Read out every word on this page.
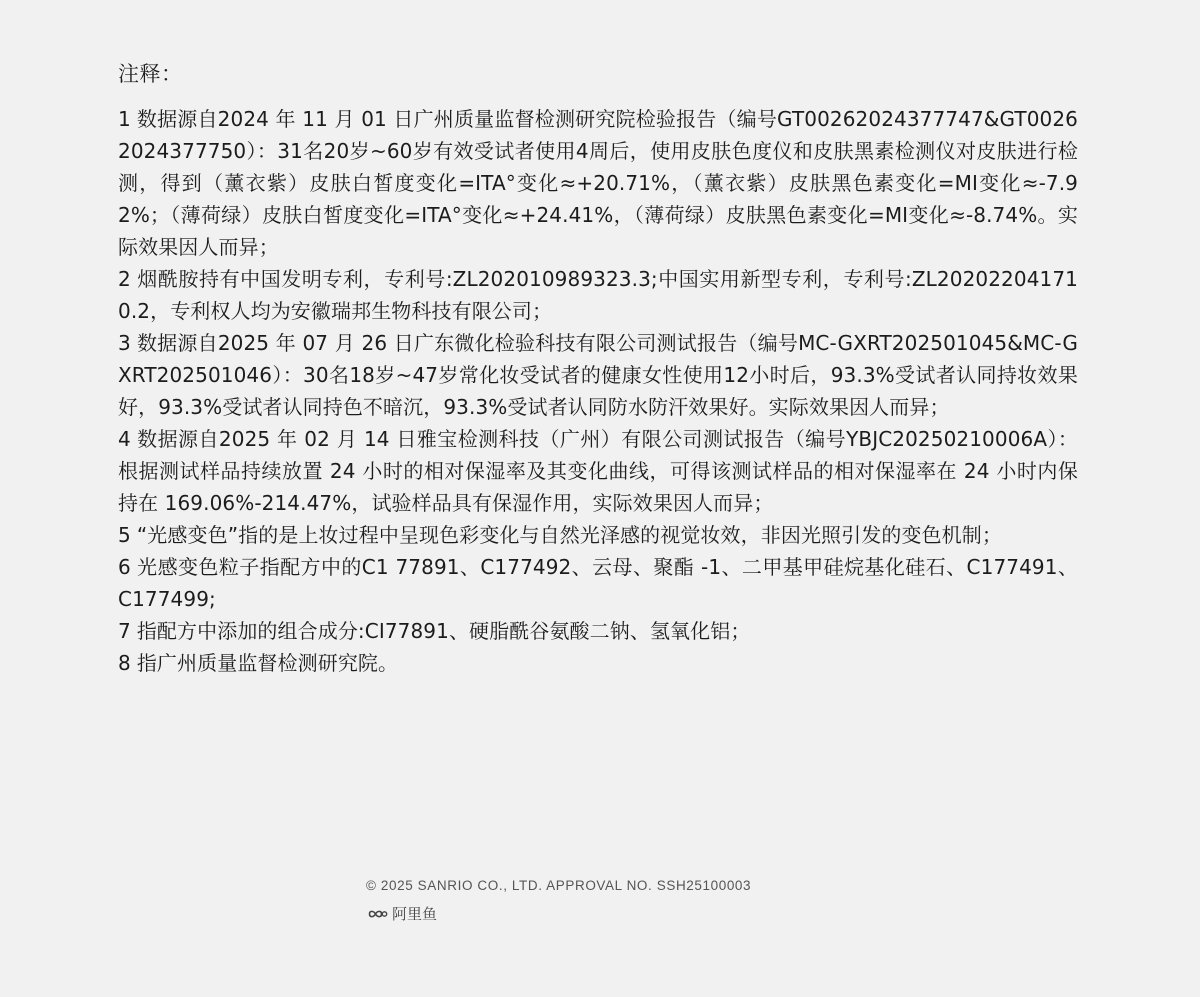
注释：
1 数据源自2024 年 11 月 01 日广州质量监督检测研究院检验报告（编号GT00262024377747&GT00262024377750）：31名20岁~60岁有效受试者使用4周后，使用皮肤色度仪和皮肤黑素检测仪对皮肤进行检测，得到（薰衣紫）皮肤白皙度变化=ITA°变化≈+20.71%，（薰衣紫）皮肤黑色素变化=MI变化≈-7.92%；（薄荷绿）皮肤白皙度变化=ITA°变化≈+24.41%，（薄荷绿）皮肤黑色素变化=MI变化≈-8.74%。实际效果因人而异；
2 烟酰胺持有中国发明专利，专利号:ZL202010989323.3;中国实用新型专利，专利号:ZL202022041710.2，专利权人均为安徽瑞邦生物科技有限公司；
3 数据源自2025 年 07 月 26 日广东微化检验科技有限公司测试报告（编号MC-GXRT202501045&MC-GXRT202501046）：30名18岁~47岁常化妆受试者的健康女性使用12小时后，93.3%受试者认同持妆效果好，93.3%受试者认同持色不暗沉，93.3%受试者认同防水防汗效果好。实际效果因人而异；
4 数据源自2025 年 02 月 14 日雅宝检测科技（广州）有限公司测试报告（编号YBJC20250210006A）：根据测试样品持续放置 24 小时的相对保湿率及其变化曲线，可得该测试样品的相对保湿率在 24 小时内保持在 169.06%-214.47%，试验样品具有保湿作用，实际效果因人而异；
5 “光感变色”指的是上妆过程中呈现色彩变化与自然光泽感的视觉妆效，非因光照引发的变色机制；
6 光感变色粒子指配方中的C1 77891、C177492、云母、聚酯 -1、二甲基甲硅烷基化硅石、C177491、C177499;
7 指配方中添加的组合成分:CI77891、硬脂酰谷氨酸二钠、氢氧化铝；
8 指广州质量监督检测研究院。
© 2025 SANRIO CO., LTD. APPROVAL NO. SSH25100003
阿里鱼
